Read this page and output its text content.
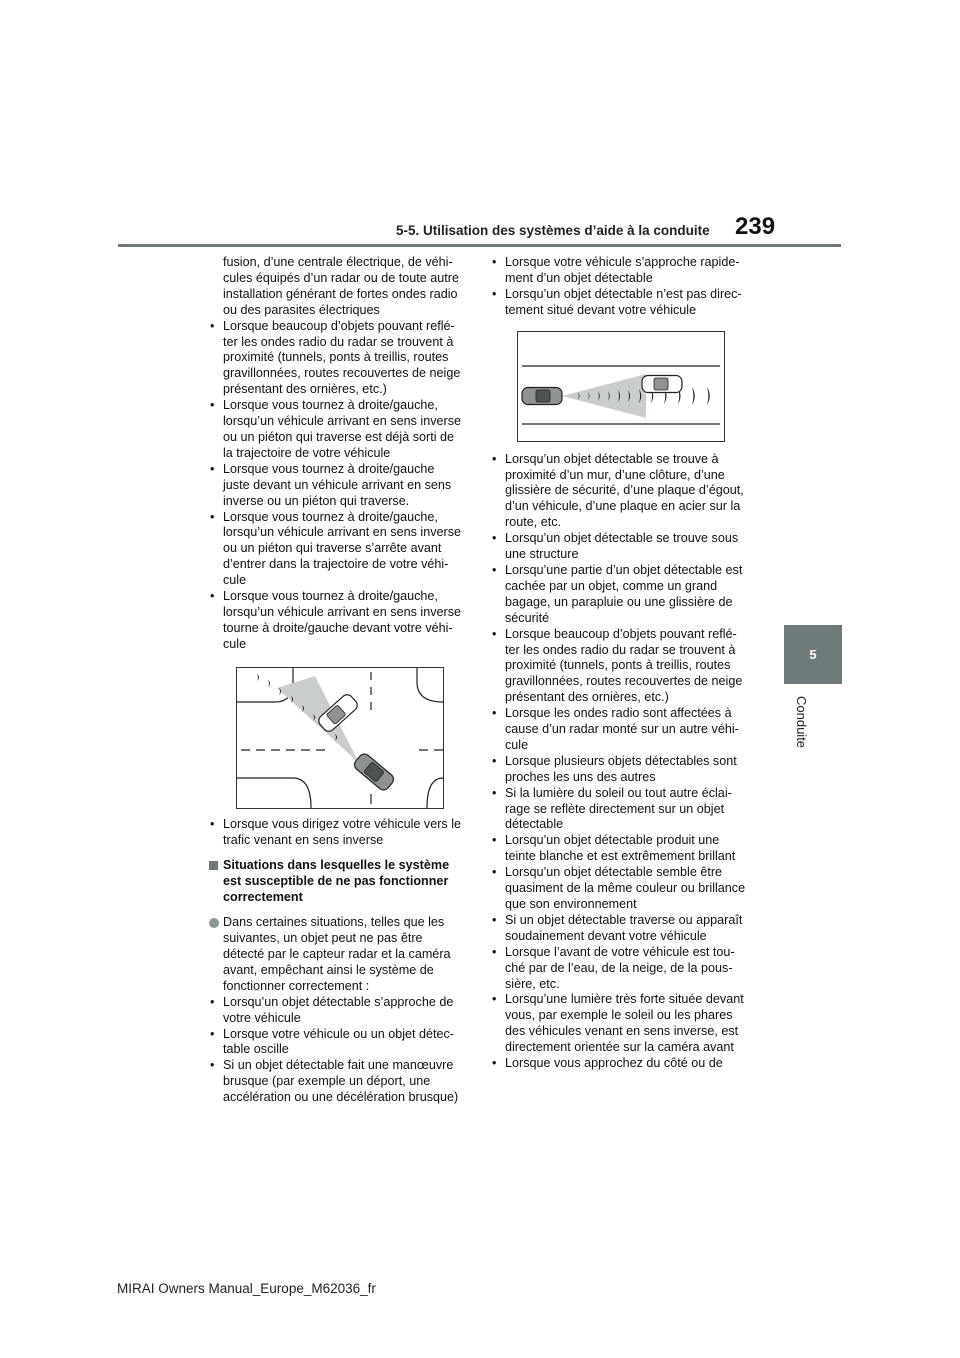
5-5. Utilisation des systèmes d’aide à la conduite 239
5
Conduite
fusion, d’une centrale électrique, de véhi-
cules équipés d’un radar ou de toute autre
installation générant de fortes ondes radio
ou des parasites électriques
• Lorsque beaucoup d’objets pouvant reflé-
ter les ondes radio du radar se trouvent à
proximité (tunnels, ponts à treillis, routes
gravillonnées, routes recouvertes de neige
présentant des ornières, etc.)
• Lorsque vous tournez à droite/gauche,
lorsqu’un véhicule arrivant en sens inverse
ou un piéton qui traverse est déjà sorti de
la trajectoire de votre véhicule
• Lorsque vous tournez à droite/gauche
juste devant un véhicule arrivant en sens
inverse ou un piéton qui traverse.
• Lorsque vous tournez à droite/gauche,
lorsqu’un véhicule arrivant en sens inverse
ou un piéton qui traverse s’arrête avant
d’entrer dans la trajectoire de votre véhi-
cule
• Lorsque vous tournez à droite/gauche,
lorsqu’un véhicule arrivant en sens inverse
tourne à droite/gauche devant votre véhi-
cule
• Lorsque vous dirigez votre véhicule vers le
trafic venant en sens inverse
Situations dans lesquelles le système
est susceptible de ne pas fonctionner
correctement
Dans certaines situations, telles que les
suivantes, un objet peut ne pas être
détecté par le capteur radar et la caméra
avant, empêchant ainsi le système de
fonctionner correctement :
• Lorsqu’un objet détectable s’approche de
votre véhicule
• Lorsque votre véhicule ou un objet détec-
table oscille
• Si un objet détectable fait une manœuvre
brusque (par exemple un déport, une
accélération ou une décélération brusque)
• Lorsque votre véhicule s’approche rapide-
ment d’un objet détectable
• Lorsqu’un objet détectable n’est pas direc-
tement situé devant votre véhicule
• Lorsqu’un objet détectable se trouve à
proximité d’un mur, d’une clôture, d’une
glissière de sécurité, d’une plaque d’égout,
d’un véhicule, d’une plaque en acier sur la
route, etc.
• Lorsqu’un objet détectable se trouve sous
une structure
• Lorsqu’une partie d’un objet détectable est
cachée par un objet, comme un grand
bagage, un parapluie ou une glissière de
sécurité
• Lorsque beaucoup d’objets pouvant reflé-
ter les ondes radio du radar se trouvent à
proximité (tunnels, ponts à treillis, routes
gravillonnées, routes recouvertes de neige
présentant des ornières, etc.)
• Lorsque les ondes radio sont affectées à
cause d’un radar monté sur un autre véhi-
cule
• Lorsque plusieurs objets détectables sont
proches les uns des autres
• Si la lumière du soleil ou tout autre éclai-
rage se reflète directement sur un objet
détectable
• Lorsqu’un objet détectable produit une
teinte blanche et est extrêmement brillant
• Lorsqu’un objet détectable semble être
quasiment de la même couleur ou brillance
que son environnement
• Si un objet détectable traverse ou apparaît
soudainement devant votre véhicule
• Lorsque l’avant de votre véhicule est tou-
ché par de l’eau, de la neige, de la pous-
sière, etc.
• Lorsqu’une lumière très forte située devant
vous, par exemple le soleil ou les phares
des véhicules venant en sens inverse, est
directement orientée sur la caméra avant
• Lorsque vous approchez du côté ou de
MIRAI Owners Manual_Europe_M62036_fr
